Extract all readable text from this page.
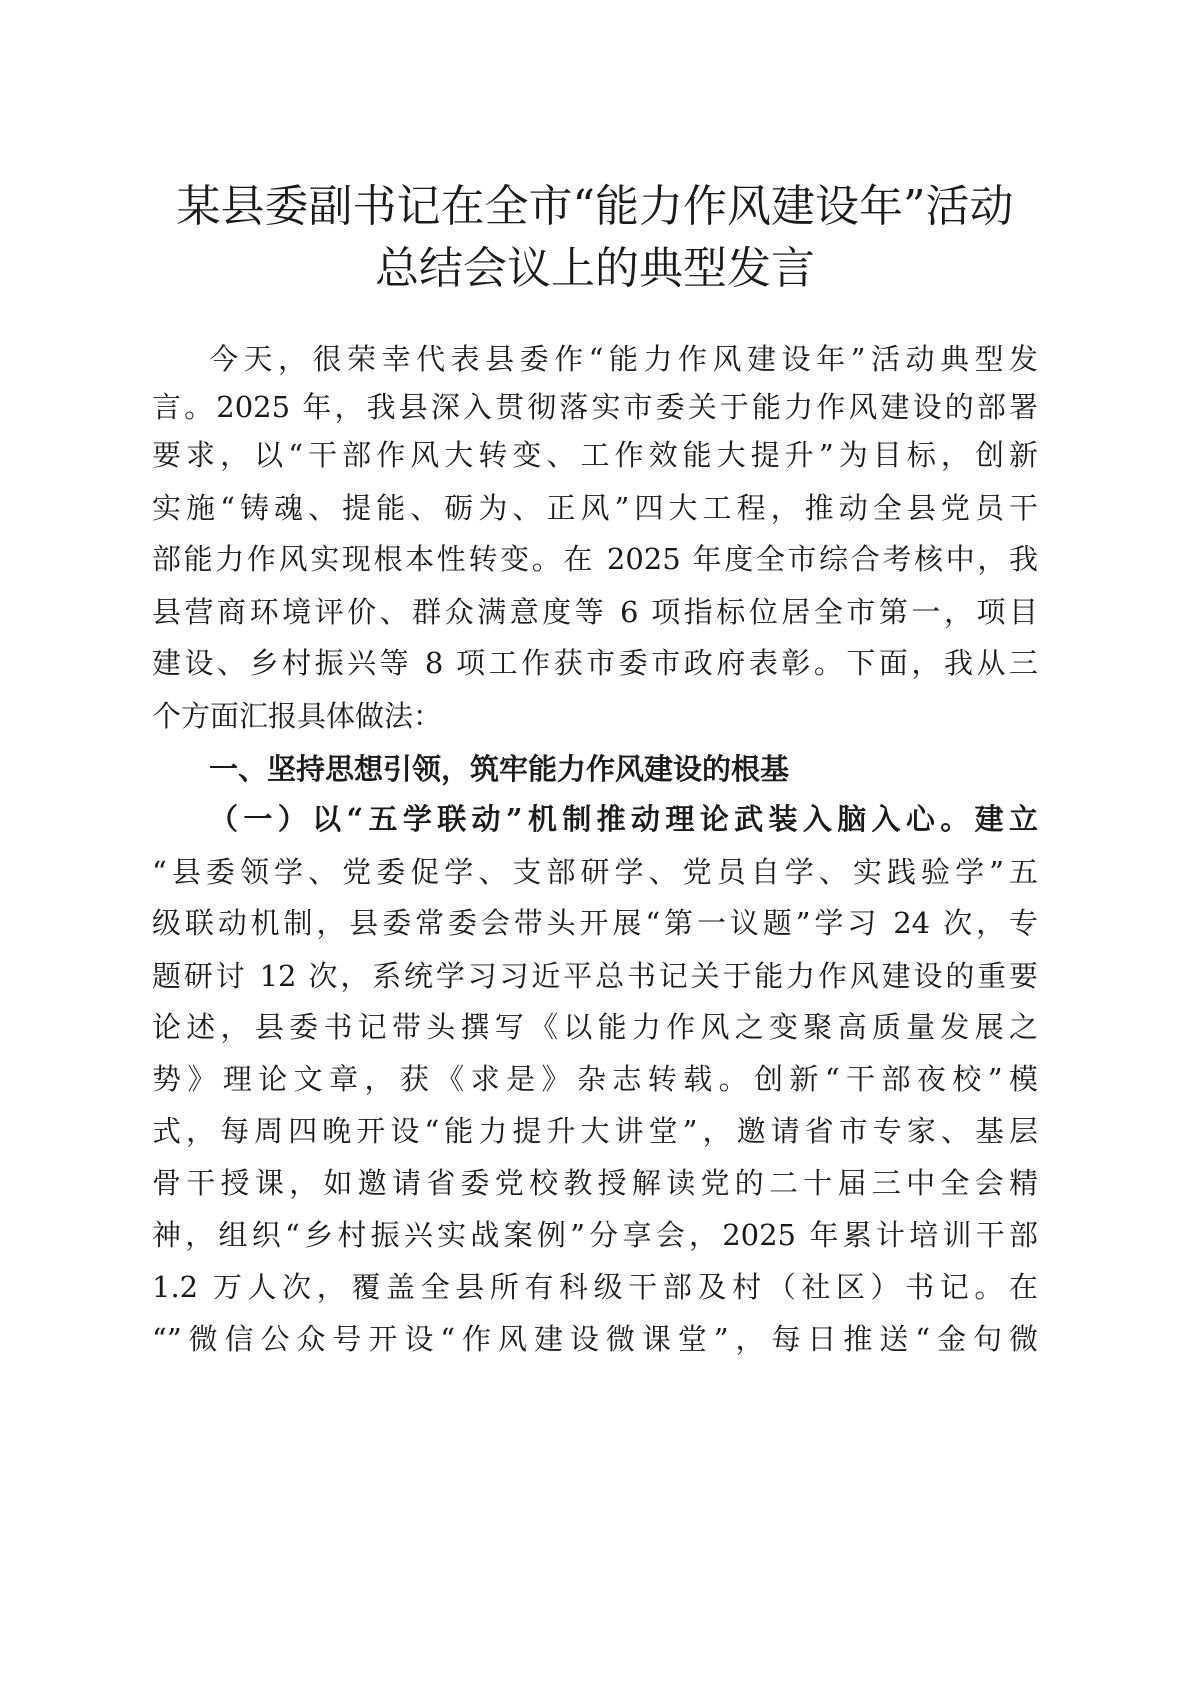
某县委副书记在全市“能力作风建设年”活动
总结会议上的典型发言
今天，很荣幸代表县委作“能力作风建设年”活动典型发
言。2025 年，我县深入贯彻落实市委关于能力作风建设的部署
要求，以“干部作风大转变、工作效能大提升”为目标，创新
实施“铸魂、提能、砺为、正风”四大工程，推动全县党员干
部能力作风实现根本性转变。在 2025 年度全市综合考核中，我
县营商环境评价、群众满意度等 6 项指标位居全市第一，项目
建设、乡村振兴等 8 项工作获市委市政府表彰。下面，我从三
个方面汇报具体做法：
一、坚持思想引领，筑牢能力作风建设的根基
（一）以“五学联动”机制推动理论武装入脑入心。建立
“县委领学、党委促学、支部研学、党员自学、实践验学”五
级联动机制，县委常委会带头开展“第一议题”学习 24 次，专
题研讨 12 次，系统学习习近平总书记关于能力作风建设的重要
论述，县委书记带头撰写《以能力作风之变聚高质量发展之
势》理论文章，获《求是》杂志转载。创新“干部夜校”模
式，每周四晚开设“能力提升大讲堂”，邀请省市专家、基层
骨干授课，如邀请省委党校教授解读党的二十届三中全会精
神，组织“乡村振兴实战案例”分享会，2025 年累计培训干部
1.2 万人次，覆盖全县所有科级干部及村（社区）书记。在
“”微信公众号开设“作风建设微课堂”，每日推送“金句微
